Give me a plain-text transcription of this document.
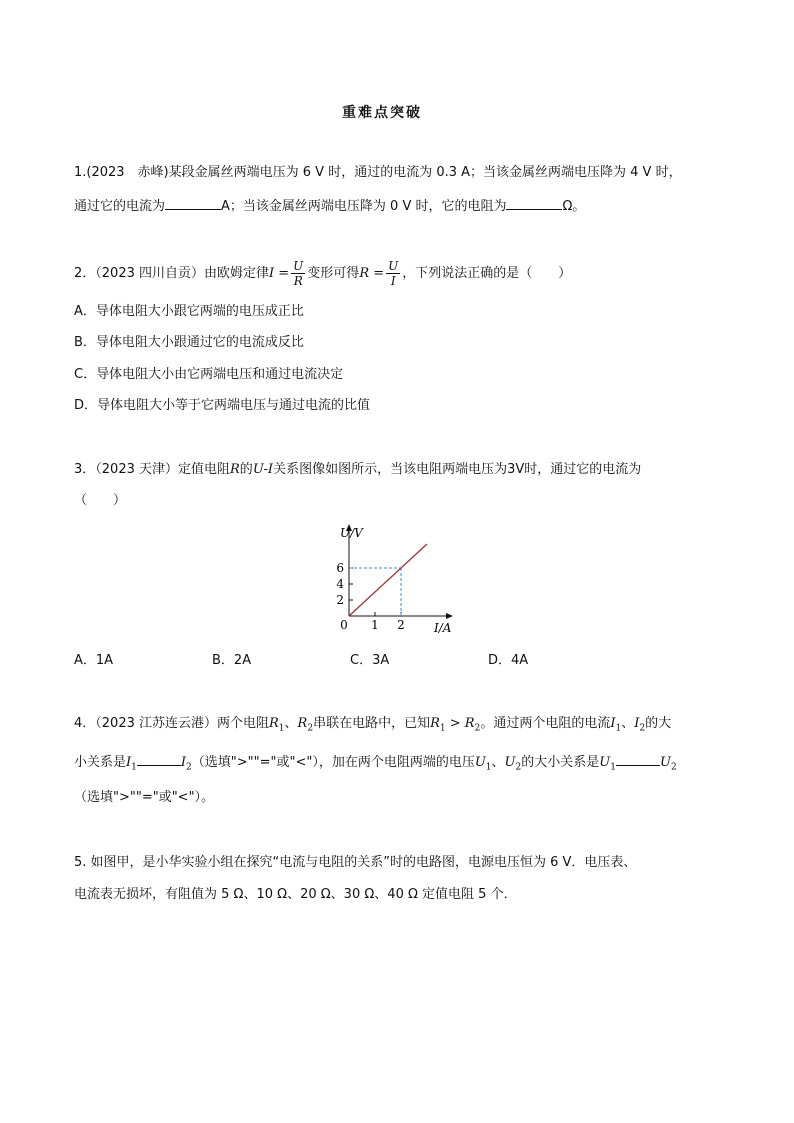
重难点突破
1.(2023　赤峰)某段金属丝两端电压为 6 V 时，通过的电流为 0.3 A；当该金属丝两端电压降为 4 V 时，
通过它的电流为	A；当该金属丝两端电压降为 0 V 时，它的电阻为	Ω。
2．（2023 四川自贡）由欧姆定律$I = \frac{U}{R}$ 变形可得$R = \frac{U}{I}$ ，下列说法正确的是（　　）
A．导体电阻大小跟它两端的电压成正比
B．导体电阻大小跟通过它的电流成反比
C．导体电阻大小由它两端电压和通过电流决定
D．导体电阻大小等于它两端电压与通过电流的比值
3．（2023 天津）定值电阻R的U-I关系图像如图所示，当该电阻两端电压为3V时，通过它的电流为
（　　）
1 2
2
4
6
0	I/A
U/V
A．1A	B．2A	C．3A	D．4A
4．（2023 江苏连云港）两个电阻$R_1$、$R_2$串联在电路中，已知$R_1 > R_2$。通过两个电阻的电流$I_1$、$I_2$的大
小关系是$I_1$	$I_2$（选填">""="或"<"），加在两个电阻两端的电压$U_1$、$U_2$的大小关系是$U_1$	$U_2$
（选填">""="或"<"）。
5. 如图甲，是小华实验小组在探究“电流与电阻的关系”时的电路图，电源电压恒为 6 V．电压表、
电流表无损坏，有阻值为 5 Ω、10 Ω、20 Ω、30 Ω、40 Ω 定值电阻 5 个．
